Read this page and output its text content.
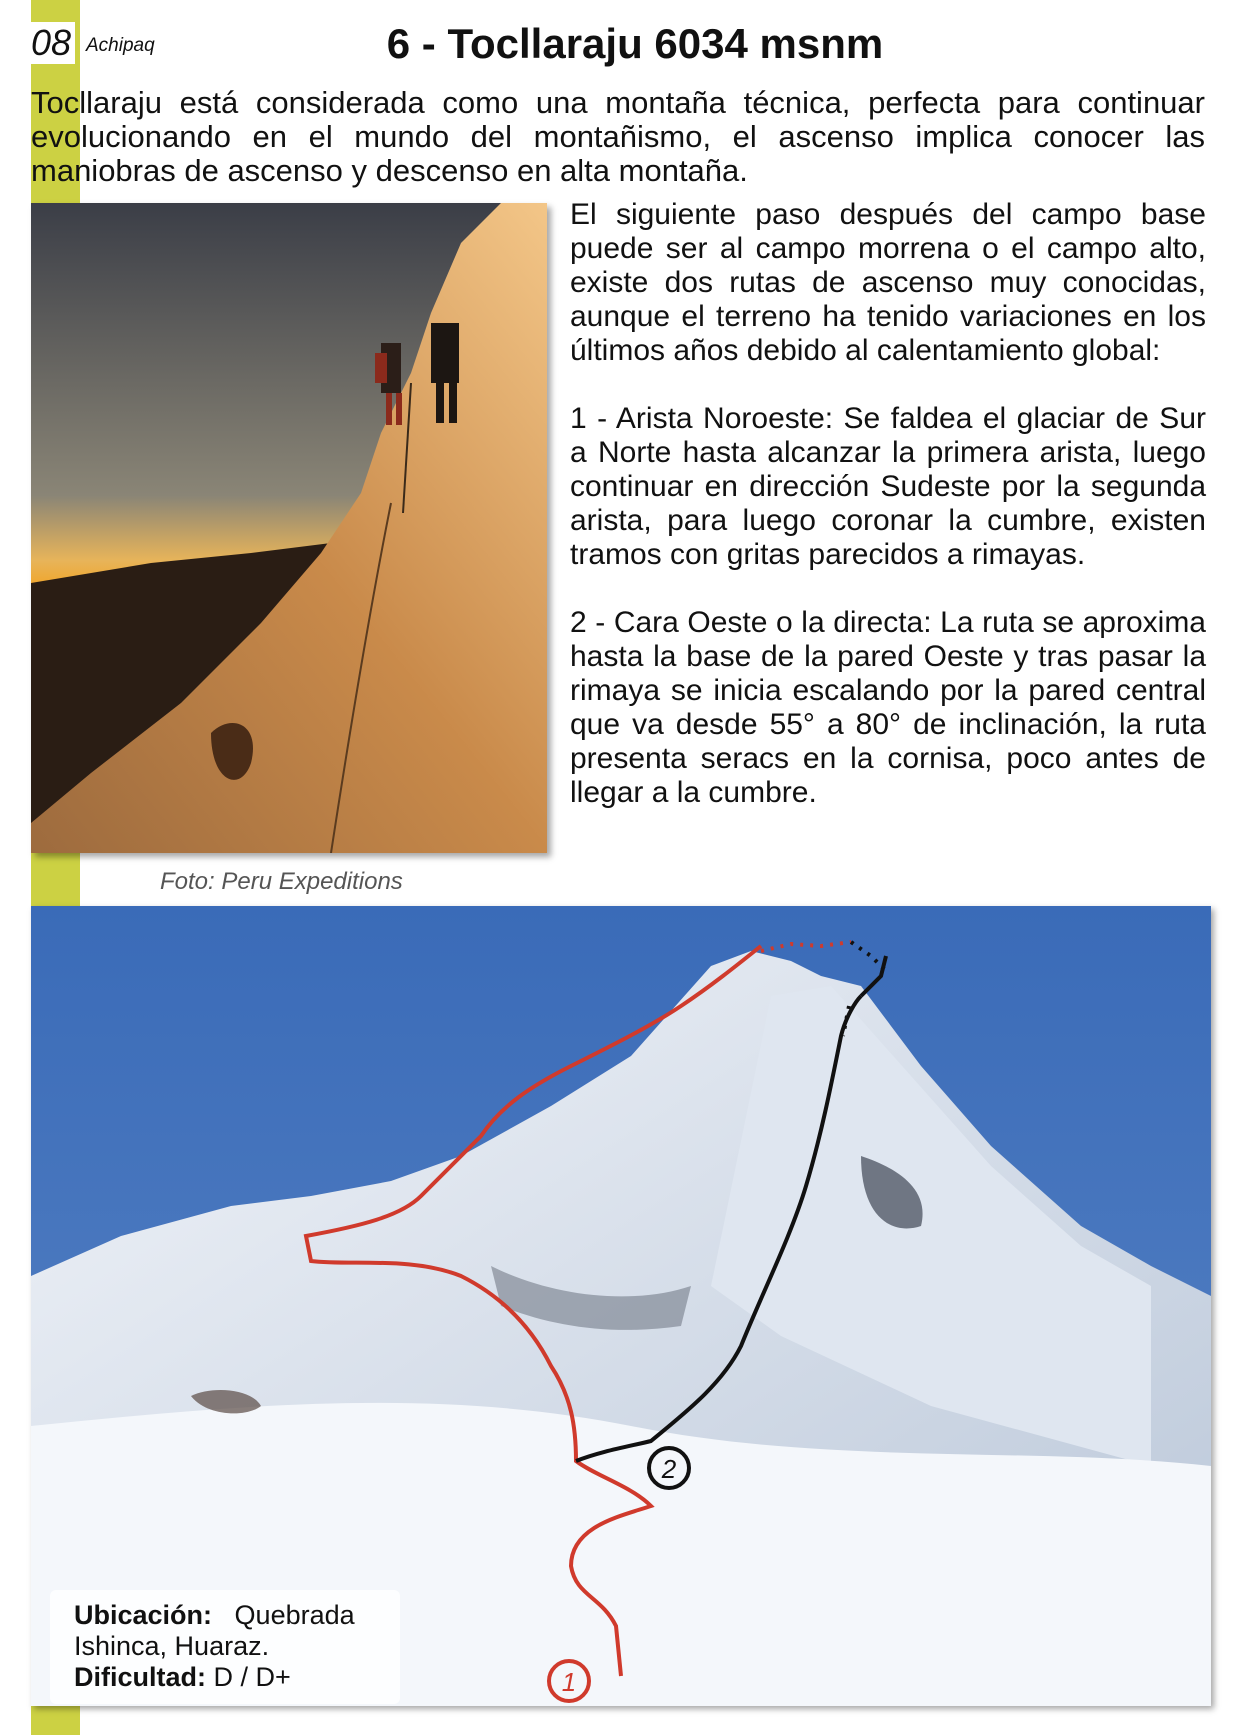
08 Achipaq	6 - Tocllaraju 6034 msnm
Tocllaraju está considerada como una montaña técnica, perfecta para continuar evolucionando en el mundo del montañismo, el ascenso implica conocer las maniobras de ascenso y descenso en alta montaña.
Foto: Peru Expeditions

El siguiente paso después del campo base puede ser al campo morrena o el campo alto, existe dos rutas de ascenso muy conocidas, aunque el terreno ha tenido variaciones en los últimos años debido al calentamiento global:

1 - Arista Noroeste: Se faldea el glaciar de Sur a Norte hasta alcanzar la primera arista, luego continuar en dirección Sudeste por la segunda arista, para luego coronar la cumbre, existen tramos con gritas parecidos a rimayas.

2 - Cara Oeste o la directa: La ruta se aproxima hasta la base de la pared Oeste y tras pasar la rimaya se inicia escalando por la pared central que va desde 55° a 80° de inclinación, la ruta presenta seracs en la cornisa, poco antes de llegar a la cumbre.

2
1
Ubicación: Quebrada Ishinca, Huaraz.
Dificultad: D / D+
